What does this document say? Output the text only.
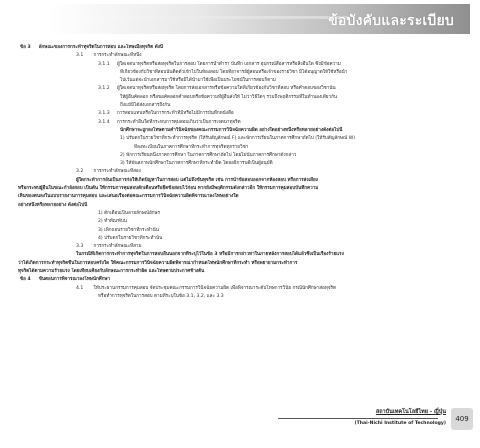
ข้อบังคับและระเบียบ
ข้อ 3 ลักษณะของการกระทำทุจริตในการสอบ และโทษเมื่อทุจริต ดังนี้
3.1 การกระทำลักษณะที่หนึ่ง
3.1.1 ผู้ใดเจตนาทุจริตหรือส่อทุจริตในการสอบ โดยการนำตำรา บันทึก เอกสาร อุปกรณ์สื่อสารหรือสิ่งอื่นใด ซึ่งมีข้อความ
ที่เกี่ยวข้องกับวิชาที่สอบนั้นติดตัวเข้าไปในห้องสอบ โดยที่อาจารย์ผู้สอนหรือเจ้าของรายวิชา มิได้อนุญาตให้ใช้หรือนำ
ไปเว้นแต่จะนำเอกสารมาใช้หรือมิได้นำมาใช้เพื่อเป็นประโยชน์ในการสอบก็ตาม
3.1.2 ผู้ใดเจตนาทุจริตหรือส่อทุจริต โดยการส่อเอกสารหรือข้อความใดที่เกี่ยวข้องกับวิชาที่สอบ หรือคำตอบของวิชานั้น
ให้ผู้อื่นคัดลอก หรือขอคัดลอกคำตอบหรือข้อความที่ผู้อื่นส่งให้ ไม่ว่าวิธีใดๆ รวมถึงพฤติกรรมที่ในทำนองเดียวกัน
ถึงแม้มิได้ส่งเอกสารถึงกัน
3.1.3 การสอบแทนหรือในการกระทำที่มีหรือไม่มีการบันทึกหนังสือ
3.1.4 การกระทำอื่นใดที่กระทบการคุมสอบเกินว่าเป็นการเจตนาทุจริต
นักศึกษาจะถูกลงโทษตามคำวินิจฉัยของคณะกรรมการวินิจฉัยความผิด อย่างใดอย่างหนึ่งหรือหลายอย่างดังต่อไปนี้
1) ปรับตกในรายวิชาที่กระทำการทุจริต (ให้รับสัญลักษณ์ F) และพักการเรียนในภาคการศึกษาถัดไป (ให้รับสัญลักษณ์ W)
ที่ลงทะเบียนในภาคการศึกษาที่กระทำการทุจริตทุกรายวิชา
2) พักการเรียนหนึ่งภาคการศึกษา ในภาคการศึกษาถัดไป โดยไม่นับภาคการศึกษาดังกล่าว
3) ให้พ้นสภาพนักศึกษาในภาคการศึกษาที่กระทำผิด โดยอธิการบดีเป็นผู้อนุมัติ
3.2 การกระทำลักษณะที่สอง
ผู้ใดกระทำการอันเป็นการก่อให้เกิดปัญหาในการสอบ แต่ไม่ถึงขั้นทุจริต เช่น การนำข้อสอบออกจากห้องสอบ หรือการส่งเสียง
หรือกระทบผู้อื่นในขณะกำลังสอบ เป็นต้น ให้กรรมการคุมสอบตักเตือนหรือยึดข้อสอบไว้ก่อน หากยังมีพฤติกรรมดังกล่าวอีก ให้กรรมการคุมสอบบันทึกความ
เห็นของตนลงในแบบรายงานการคุมสอบ และเสนอเรื่องต่อคณะกรรมการวินิจฉัยความผิดพิจารณาลงโทษอย่างใด
อย่างหนึ่งหรือหลายอย่าง ดังต่อไปนี้
1) ตักเตือนเป็นลายลักษณ์อักษร
2) ทำทัณฑ์บน
3) เพิกถอนรายวิชาที่กระทำนั้น
4) ปรับตกในรายวิชาที่กระทำนั้น
3.3 การกระทำลักษณะที่สาม
ในกรณีที่เกิดการกระทำการทุจริตในการสอบอื่นนอกจากที่ระบุไว้ในข้อ 3 หรือมีการกล่าวหาในภายหลังการสอบได้แล้วซึ่งเป็นเรื่องร้ายแรง
ว่าได้เกิดการกระทำทุจริตขึ้นในการสอบครั้งใด ให้คณะกรรมการวินิจฉัยความผิดพิจารณากำหนดโทษนักศึกษาที่กระทำ หรือพยายามกระทำการ
ทุจริตได้ตามความร้ายแรง โดยเทียบเคียงกับลักษณะการกระทำผิด และโทษตามประกาศข้างต้น
ข้อ 4 ขั้นตอนการพิจารณาลงโทษนักศึกษา
4.1 ให้ประธานกรรมการคุมสอบ จัดประชุมคณะกรรมการวินิจฉัยความผิด เพื่อพิจารณาระดับโทษการวินัย กรณีนักศึกษาส่อทุจริต
หรือทำการทุจริตในการสอบ ตามที่ระบุในข้อ 3.1, 3.2, และ 3.3
สถาบันเทคโนโลยีไทย - ญี่ปุ่น
(Thai-Nichi Institute of Technology)
409
